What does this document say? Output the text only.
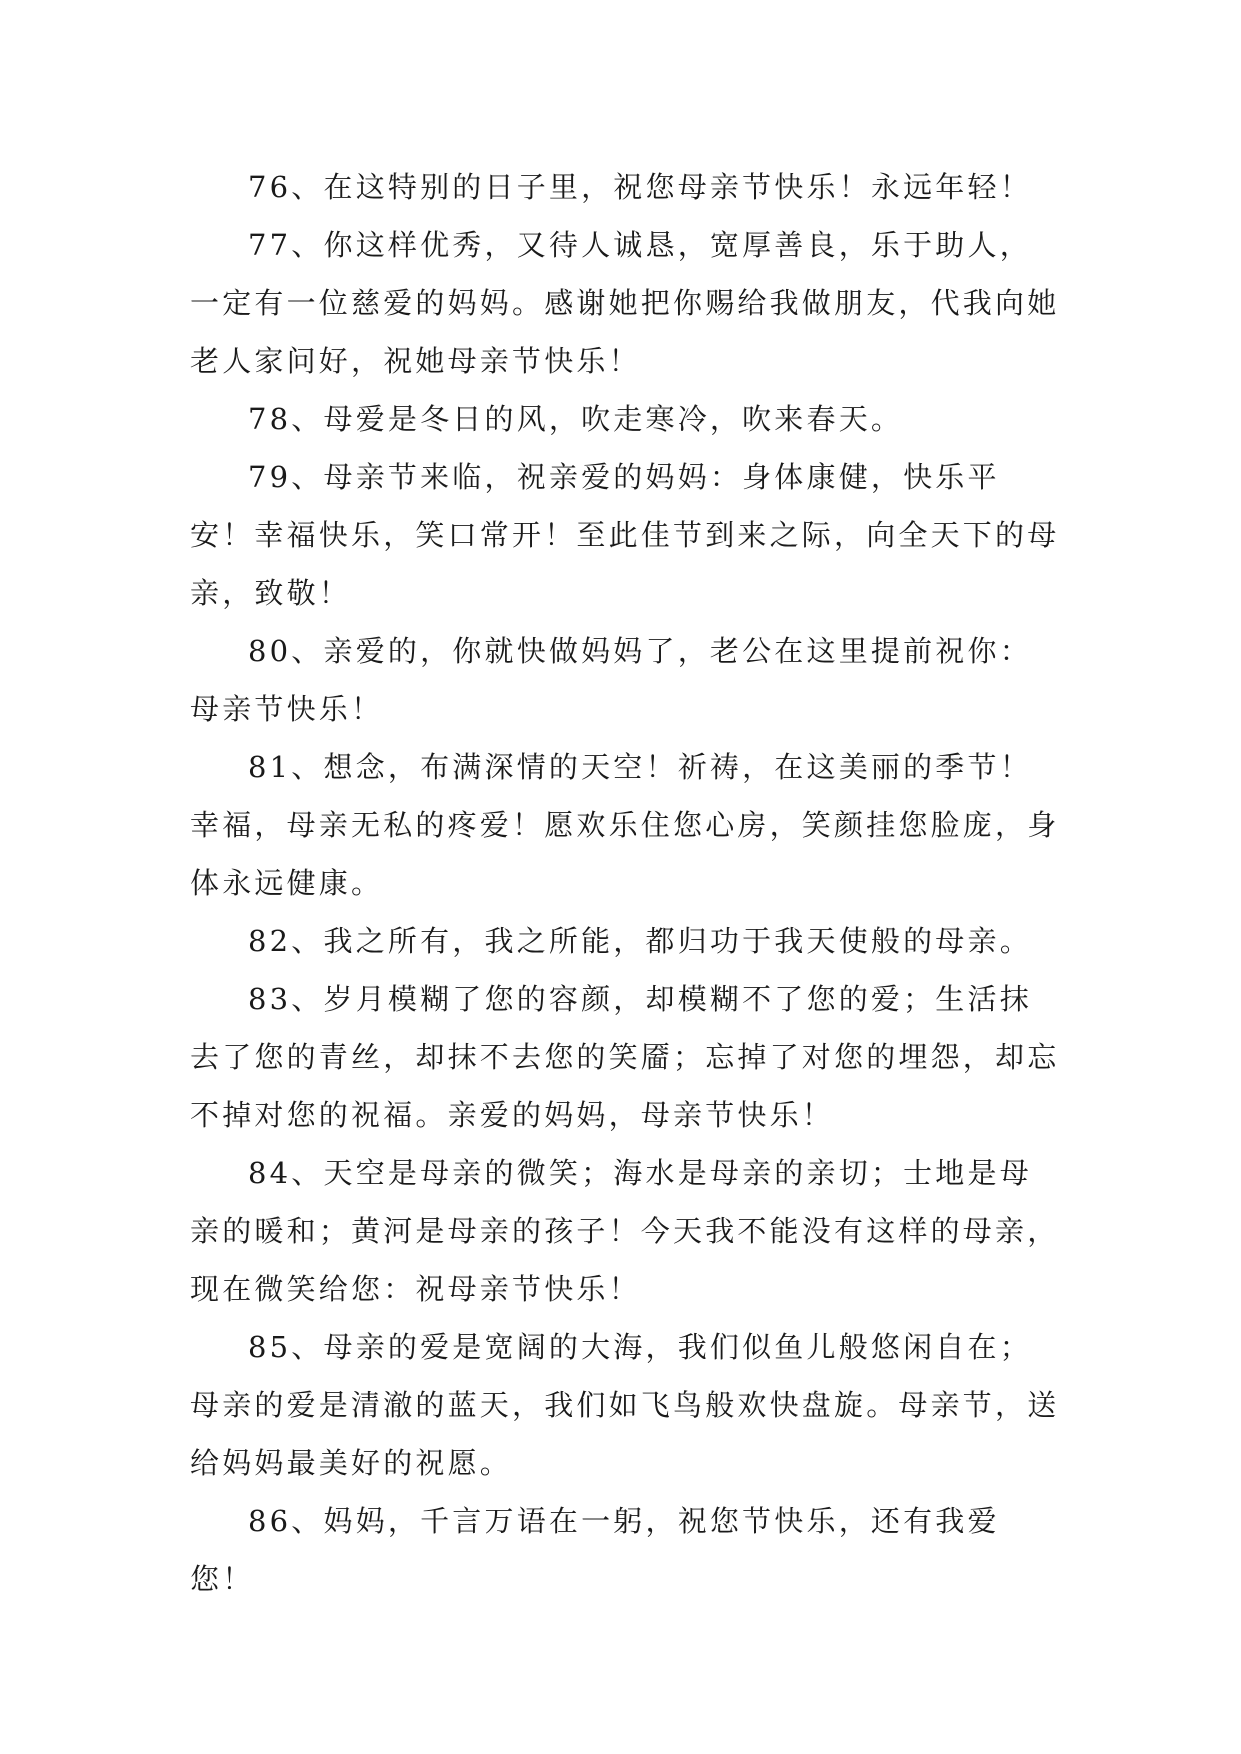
76、在这特别的日子里，祝您母亲节快乐！永远年轻！

77、你这样优秀，又待人诚恳，宽厚善良，乐于助人，一定有一位慈爱的妈妈。感谢她把你赐给我做朋友，代我向她老人家问好，祝她母亲节快乐！

78、母爱是冬日的风，吹走寒冷，吹来春天。

79、母亲节来临，祝亲爱的妈妈：身体康健，快乐平安！幸福快乐，笑口常开！至此佳节到来之际，向全天下的母亲，致敬！

80、亲爱的，你就快做妈妈了，老公在这里提前祝你：母亲节快乐！

81、想念，布满深情的天空！祈祷，在这美丽的季节！幸福，母亲无私的疼爱！愿欢乐住您心房，笑颜挂您脸庞，身体永远健康。

82、我之所有，我之所能，都归功于我天使般的母亲。

83、岁月模糊了您的容颜，却模糊不了您的爱；生活抹去了您的青丝，却抹不去您的笑靥；忘掉了对您的埋怨，却忘不掉对您的祝福。亲爱的妈妈，母亲节快乐！

84、天空是母亲的微笑；海水是母亲的亲切；士地是母亲的暖和；黄河是母亲的孩子！今天我不能没有这样的母亲，现在微笑给您：祝母亲节快乐！

85、母亲的爱是宽阔的大海，我们似鱼儿般悠闲自在；母亲的爱是清澈的蓝天，我们如飞鸟般欢快盘旋。母亲节，送给妈妈最美好的祝愿。

86、妈妈，千言万语在一躬，祝您节快乐，还有我爱您！
